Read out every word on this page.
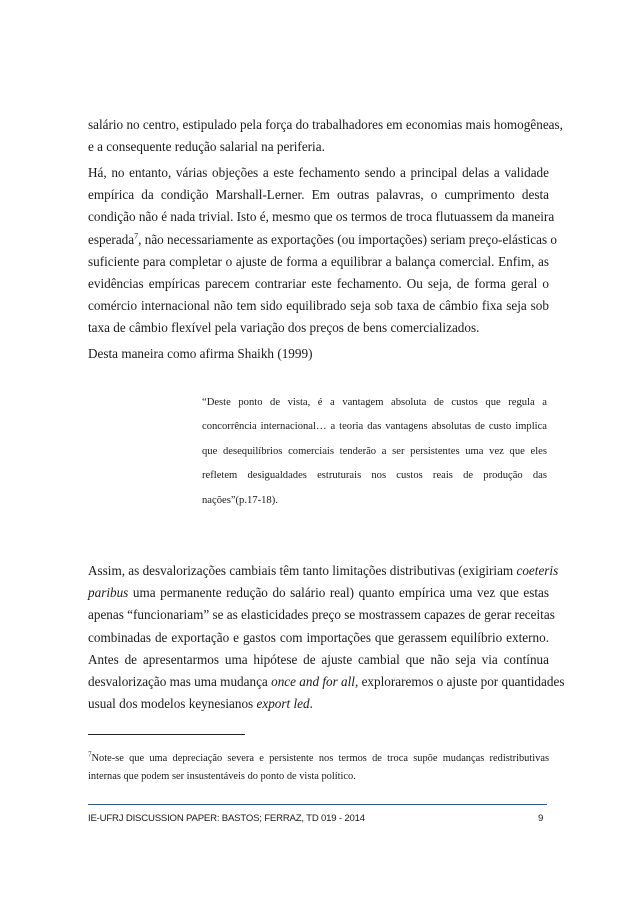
salário no centro, estipulado pela força do trabalhadores em economias mais homogêneas,
e a consequente redução salarial na periferia.
Há, no entanto, várias objeções a este fechamento sendo a principal delas a validade
empírica da condição Marshall-Lerner. Em outras palavras, o cumprimento desta
condição não é nada trivial. Isto é, mesmo que os termos de troca flutuassem da maneira
esperada$^7$, não necessariamente as exportações (ou importações) seriam preço-elásticas o
suficiente para completar o ajuste de forma a equilibrar a balança comercial. Enfim, as
evidências empíricas parecem contrariar este fechamento. Ou seja, de forma geral o
comércio internacional não tem sido equilibrado seja sob taxa de câmbio fixa seja sob
taxa de câmbio flexível pela variação dos preços de bens comercializados.
Desta maneira como afirma Shaikh (1999)
“Deste ponto de vista, é a vantagem absoluta de custos que regula a
concorrência internacional… a teoria das vantagens absolutas de custo implica
que desequilíbrios comerciais tenderão a ser persistentes uma vez que eles
refletem desigualdades estruturais nos custos reais de produção das
nações”(p.17-18).
Assim, as desvalorizações cambiais têm tanto limitações distributivas (exigiriam coeteris
paribus uma permanente redução do salário real) quanto empírica uma vez que estas
apenas “funcionariam” se as elasticidades preço se mostrassem capazes de gerar receitas
combinadas de exportação e gastos com importações que gerassem equilíbrio externo.
Antes de apresentarmos uma hipótese de ajuste cambial que não seja via contínua
desvalorização mas uma mudança once and for all, exploraremos o ajuste por quantidades
usual dos modelos keynesianos export led.
$^7$Note-se que uma depreciação severa e persistente nos termos de troca supõe mudanças redistributivas
internas que podem ser insustentáveis do ponto de vista político.
IE-UFRJ DISCUSSION PAPER: BASTOS; FERRAZ, TD 019 - 2014	9
